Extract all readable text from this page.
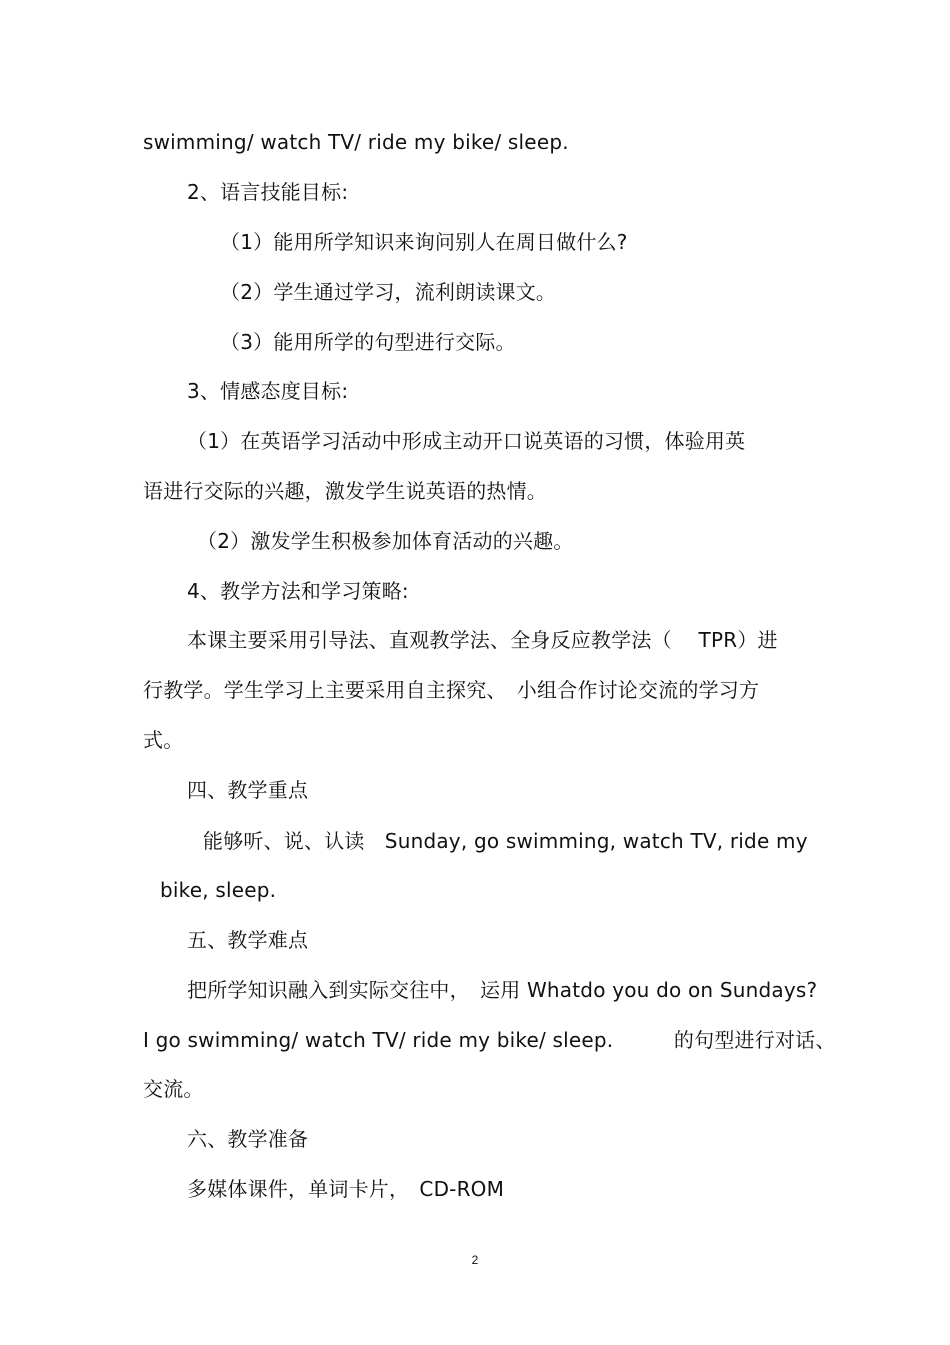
swimming/ watch TV/ ride my bike/ sleep.
2、语言技能目标:
（1）能用所学知识来询问别人在周日做什么?
（2）学生通过学习，流利朗读课文。
（3）能用所学的句型进行交际。
3、情感态度目标:
（1）在英语学习活动中形成主动开口说英语的习惯，体验用英
语进行交际的兴趣，激发学生说英语的热情。
（2）激发学生积极参加体育活动的兴趣。
4、教学方法和学习策略:
本课主要采用引导法、直观教学法、全身反应教学法（　 TPR）进
行教学。学生学习上主要采用自主探究、　小组合作讨论交流的学习方
式。
四、教学重点
能够听、说、认读　Sunday, go swimming, watch TV, ride my
bike, sleep.
五、教学难点
把所学知识融入到实际交往中，　运用 Whatdo you do on Sundays?
I go swimming/ watch TV/ ride my bike/ sleep.　　　的句型进行对话、
交流。
六、教学准备
多媒体课件，单词卡片，　CD-ROM
2
